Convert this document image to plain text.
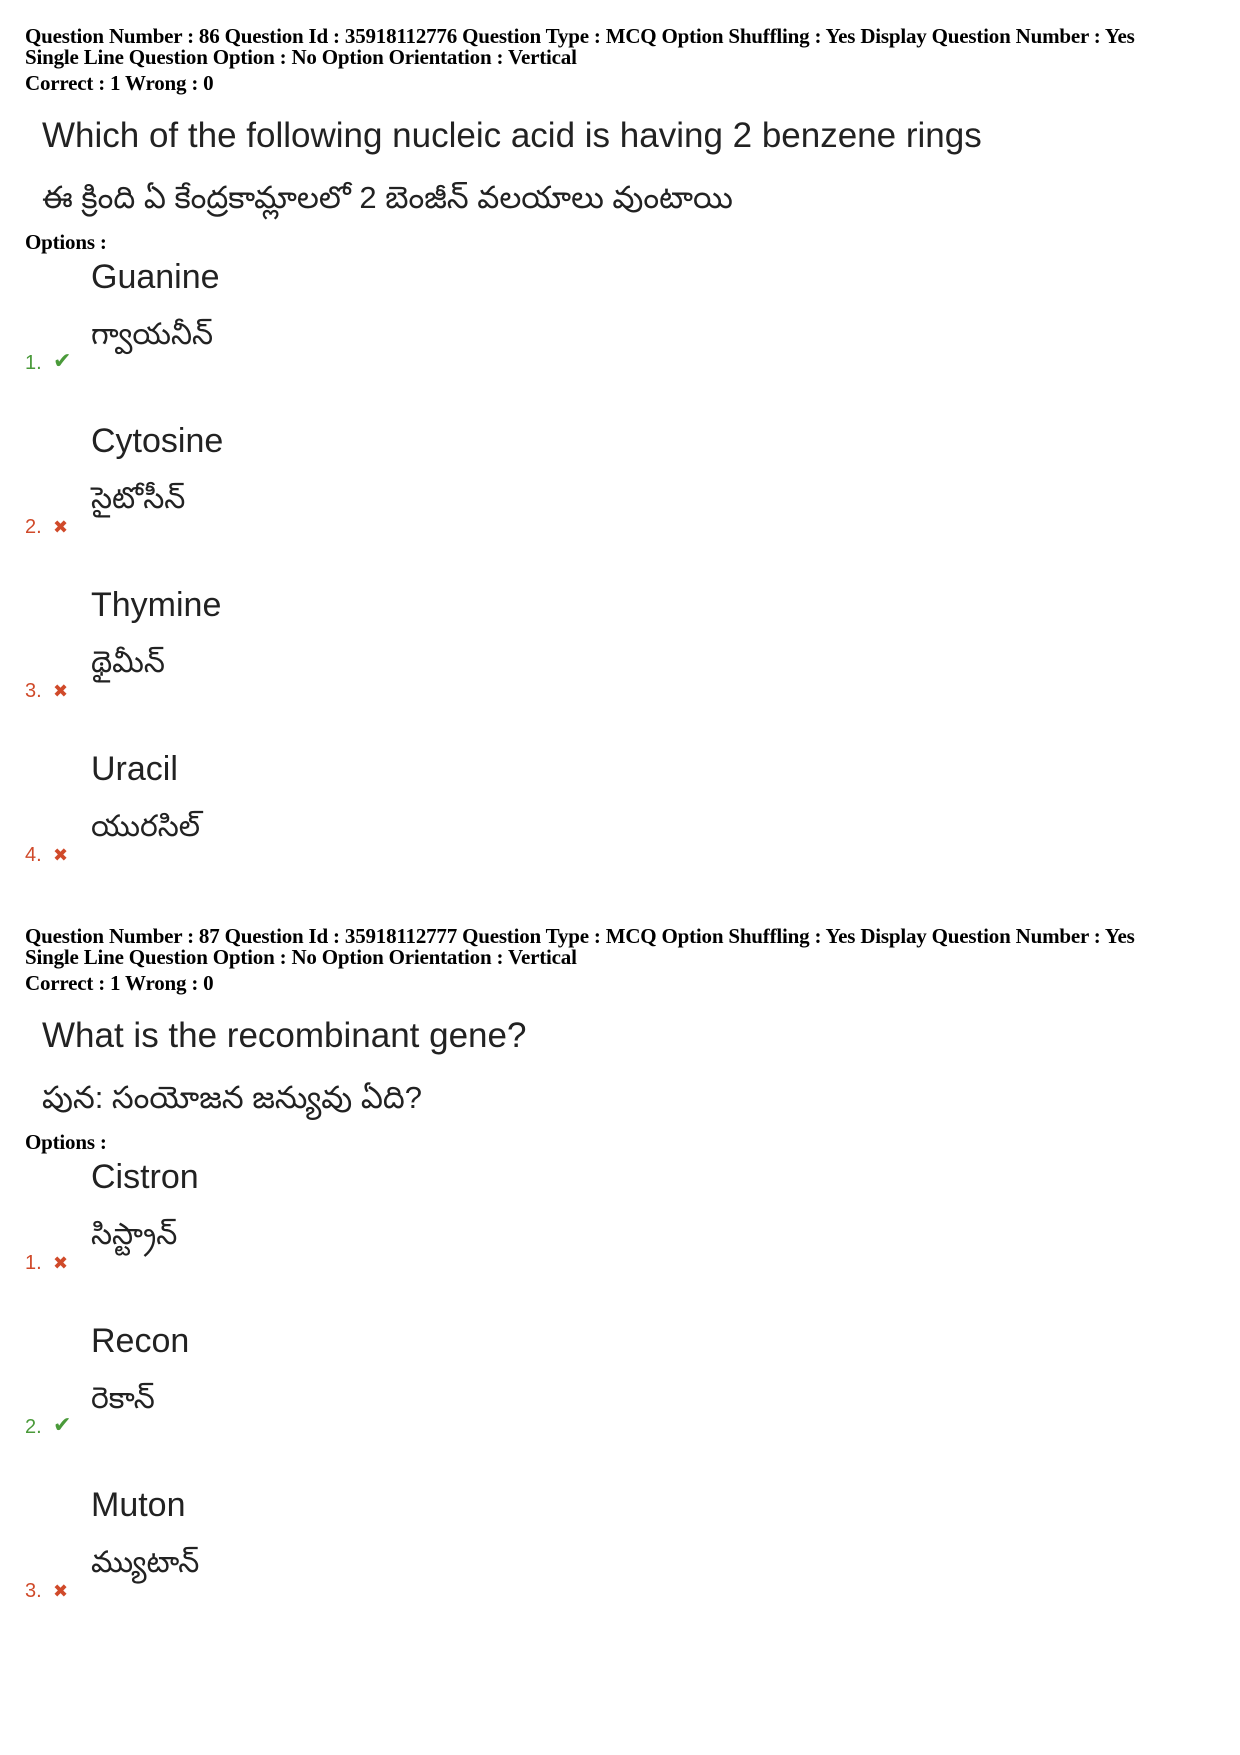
Question Number : 86 Question Id : 35918112776 Question Type : MCQ Option Shuffling : Yes Display Question Number : Yes
Single Line Question Option : No Option Orientation : Vertical
Correct : 1 Wrong : 0
Which of the following nucleic acid is having 2 benzene rings
ఈ క్రింది ఏ కేంద్రకామ్లాలలో 2 బెంజీన్ వలయాలు వుంటాయి
Options :
Guanine
గ్వాయనీన్
1. ✔
Cytosine
సైటోసీన్
2. ✖
Thymine
థైమీన్
3. ✖
Uracil
యురసిల్
4. ✖
Question Number : 87 Question Id : 35918112777 Question Type : MCQ Option Shuffling : Yes Display Question Number : Yes
Single Line Question Option : No Option Orientation : Vertical
Correct : 1 Wrong : 0
What is the recombinant gene?
పున: సంయోజన జన్యువు ఏది?
Options :
Cistron
సిస్ట్రాన్
1. ✖
Recon
రెకాన్
2. ✔
Muton
మ్యుటాన్
3. ✖
